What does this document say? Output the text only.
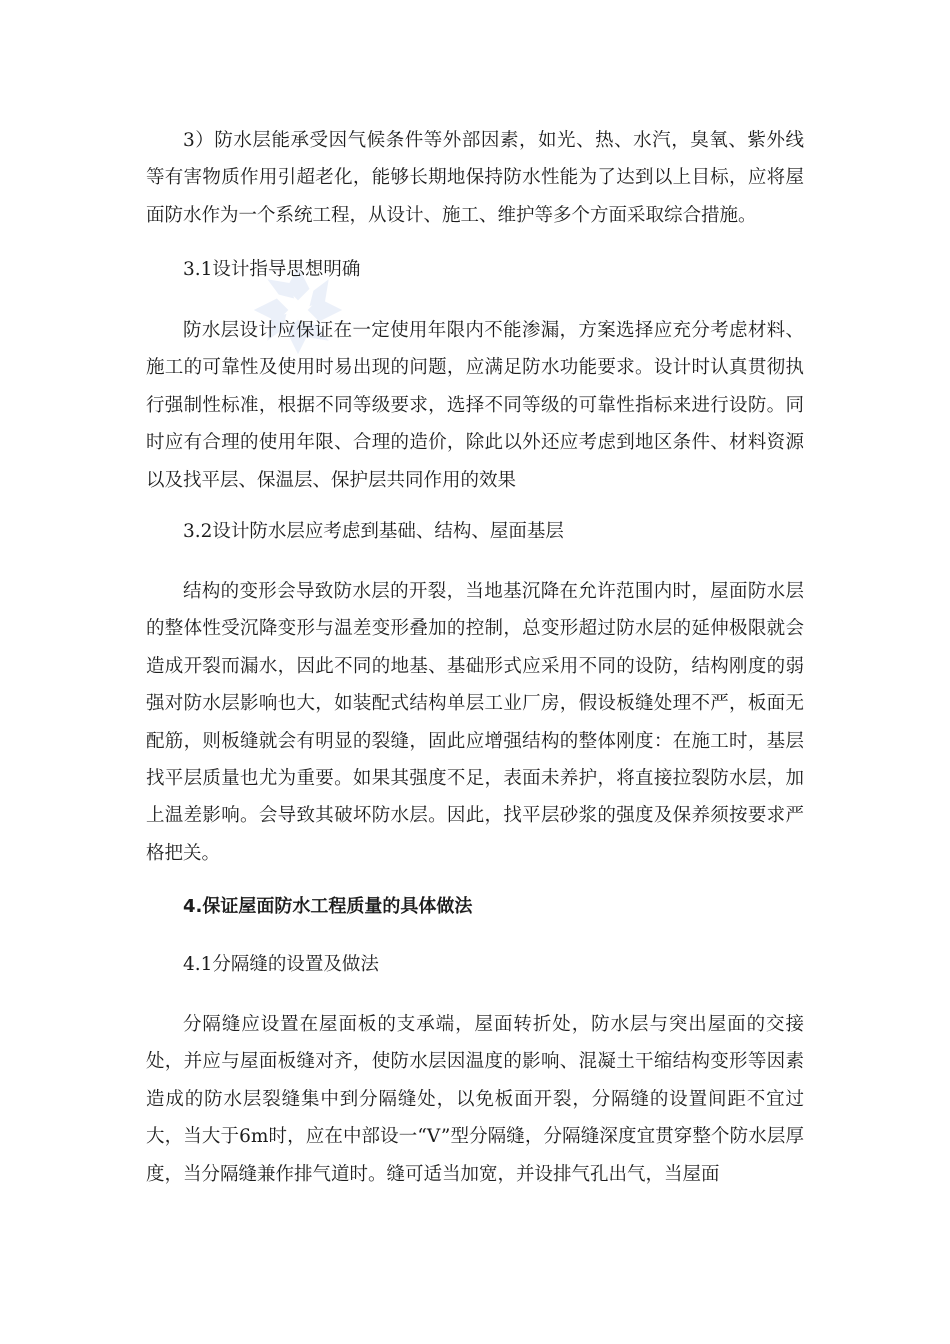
3）防水层能承受因气候条件等外部因素，如光、热、水汽，臭氧、紫外线等有害物质作用引超老化，能够长期地保持防水性能为了达到以上目标，应将屋面防水作为一个系统工程，从设计、施工、维护等多个方面采取综合措施。

3.1设计指导思想明确

防水层设计应保证在一定使用年限内不能渗漏，方案选择应充分考虑材料、施工的可靠性及使用时易出现的问题，应满足防水功能要求。设计时认真贯彻执行强制性标准，根据不同等级要求，选择不同等级的可靠性指标来进行设防。同时应有合理的使用年限、合理的造价，除此以外还应考虑到地区条件、材料资源以及找平层、保温层、保护层共同作用的效果

3.2设计防水层应考虑到基础、结构、屋面基层

结构的变形会导致防水层的开裂，当地基沉降在允许范围内时，屋面防水层的整体性受沉降变形与温差变形叠加的控制，总变形超过防水层的延伸极限就会造成开裂而漏水，因此不同的地基、基础形式应采用不同的设防，结构刚度的弱强对防水层影响也大，如装配式结构单层工业厂房，假设板缝处理不严，板面无配筋，则板缝就会有明显的裂缝，固此应增强结构的整体刚度：在施工时，基层找平层质量也尤为重要。如果其强度不足，表面未养护，将直接拉裂防水层，加上温差影响。会导致其破坏防水层。因此，找平层砂浆的强度及保养须按要求严格把关。

4.保证屋面防水工程质量的具体做法

4.1分隔缝的设置及做法

分隔缝应设置在屋面板的支承端，屋面转折处，防水层与突出屋面的交接处，并应与屋面板缝对齐，使防水层因温度的影响、混凝土干缩结构变形等因素造成的防水层裂缝集中到分隔缝处，以免板面开裂，分隔缝的设置间距不宜过大，当大于6m时，应在中部设一“V”型分隔缝，分隔缝深度宜贯穿整个防水层厚度，当分隔缝兼作排气道时。缝可适当加宽，并设排气孔出气，当屋面
